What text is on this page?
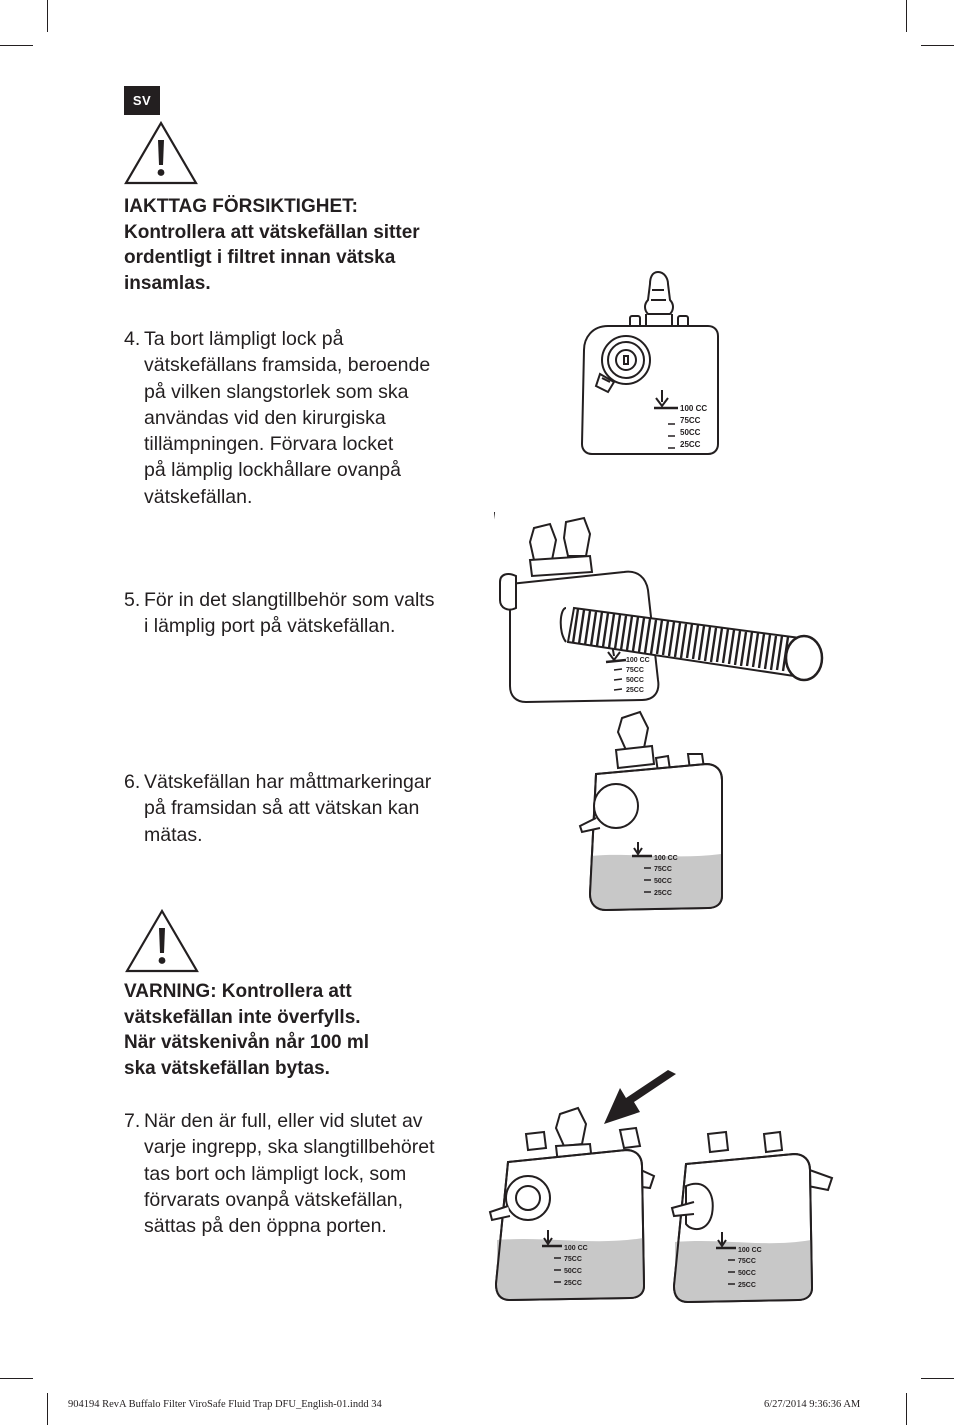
SV
IAKTTAG FÖRSIKTIGHET:
Kontrollera att vätskefällan sitter
ordentligt i filtret innan vätska
insamlas.
4. Ta bort lämpligt lock på
vätskefällans framsida, beroende
på vilken slangstorlek som ska
användas vid den kirurgiska
tillämpningen. Förvara locket
på lämplig lockhållare ovanpå
vätskefällan.
5. För in det slangtillbehör som valts
i lämplig port på vätskefällan.
6. Vätskefällan har måttmarkeringar
på framsidan så att vätskan kan
mätas.
VARNING: Kontrollera att
vätskefällan inte överfylls.
När vätskenivån når 100 ml
ska vätskefällan bytas.
7. När den är full, eller vid slutet av
varje ingrepp, ska slangtillbehöret
tas bort och lämpligt lock, som
förvarats ovanpå vätskefällan,
sättas på den öppna porten.
100 CC
75CC
50CC
25CC
100 CC
75CC
50CC
25CC
100 CC
75CC
50CC
25CC
100 CC
75CC
50CC
25CC
100 CC
75CC
50CC
25CC
904194 RevA Buffalo Filter ViroSafe Fluid Trap DFU_English-01.indd 34	6/27/2014 9:36:36 AM
